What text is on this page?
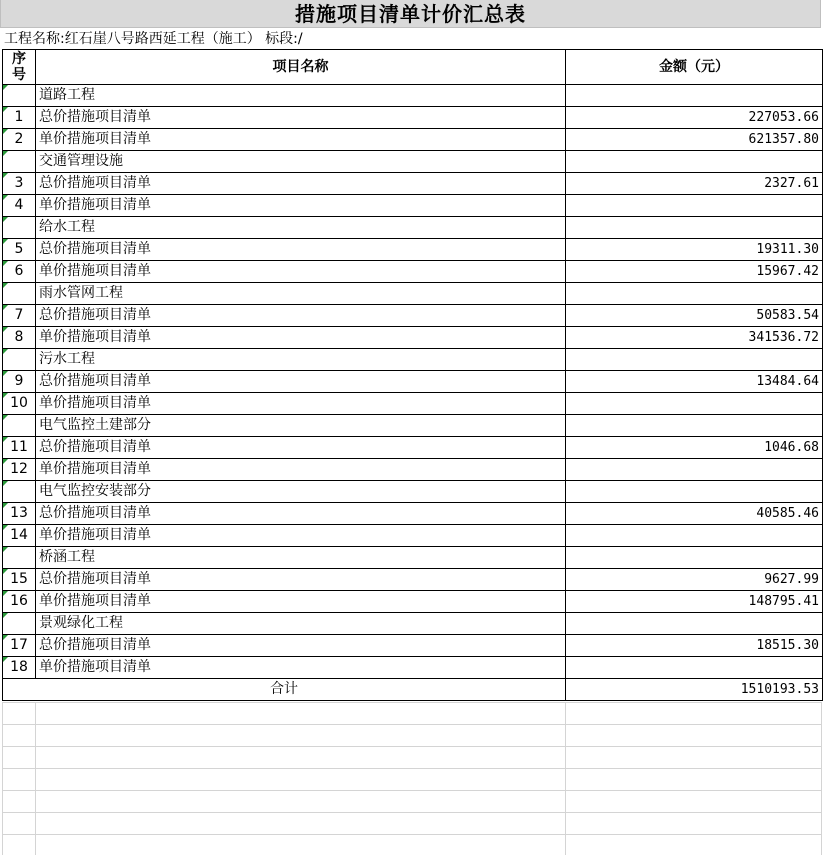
措施项目清单计价汇总表
工程名称:红石崖八号路西延工程（施工） 标段:/
序号	项目名称	金额（元）

	道路工程	

1	总价措施项目清单	227053.66

2	单价措施项目清单	621357.80

	交通管理设施	

3	总价措施项目清单	2327.61

4	单价措施项目清单	

	给水工程	

5	总价措施项目清单	19311.30

6	单价措施项目清单	15967.42

	雨水管网工程	

7	总价措施项目清单	50583.54

8	单价措施项目清单	341536.72

	污水工程	

9	总价措施项目清单	13484.64

10	单价措施项目清单	

	电气监控土建部分	

11	总价措施项目清单	1046.68

12	单价措施项目清单	

	电气监控安装部分	

13	总价措施项目清单	40585.46

14	单价措施项目清单	

	桥涵工程	

15	总价措施项目清单	9627.99

16	单价措施项目清单	148795.41

	景观绿化工程	

17	总价措施项目清单	18515.30

18	单价措施项目清单	
合计		1510193.53
